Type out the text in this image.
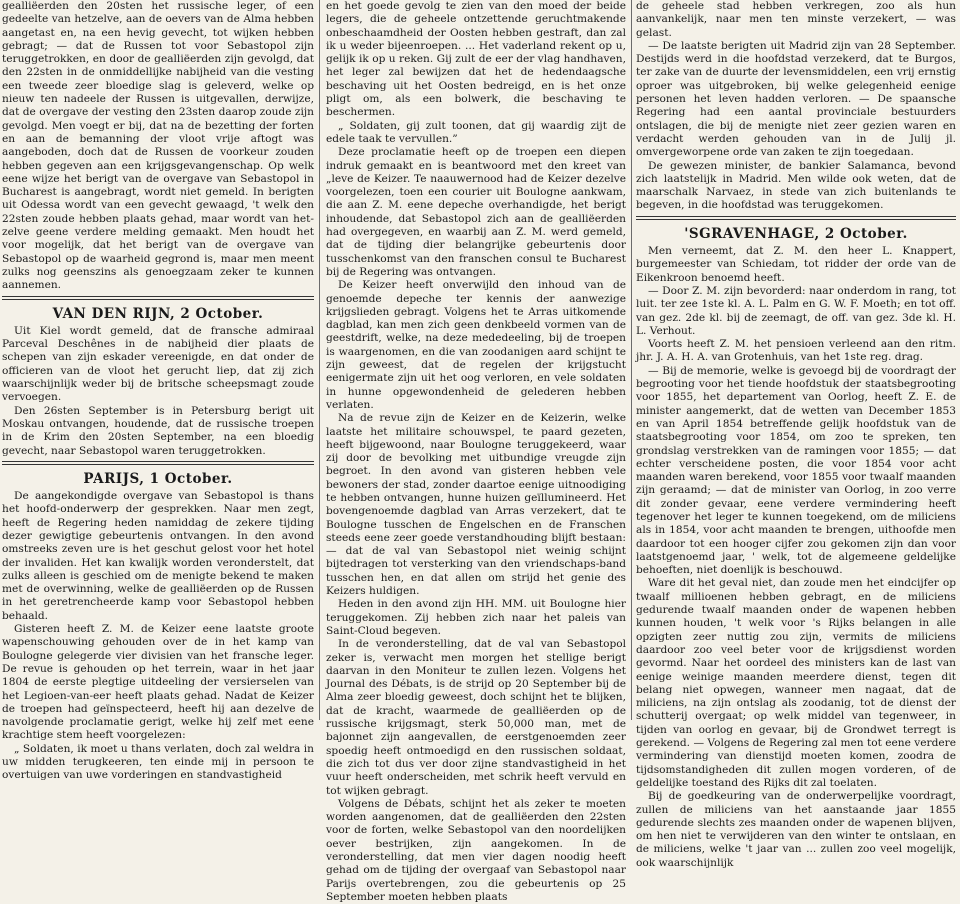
gealliëerden den 20sten het russische leger, of een gedeelte van hetzelve, aan de oevers van de Alma hebben aangetast en, na een hevig gevecht, tot wijken hebben gebragt; — dat de Russen tot voor Sebastopol zijn teruggetrokken, en door de gealliëerden zijn gevolgd, dat den 22sten in de onmiddellijke nabijheid van die vesting een tweede zeer bloedige slag is geleverd, welke op nieuw ten nadeele der Russen is uitgevallen, derwijze, dat de overgave der vesting den 23sten daarop zoude zijn gevolgd. Men voegt er bij, dat na de bezetting der forten en aan de bemanning der vloot vrije aftogt was aangeboden, doch dat de Russen de voorkeur zouden hebben gegeven aan een krijgsgevangenschap. Op welk eene wijze het berigt van de overgave van Sebastopol in Bucharest is aangebragt, wordt niet gemeld. In berigten uit Odessa wordt van een gevecht gewaagd, 't welk den 22sten zoude hebben plaats gehad, maar wordt van het-zelve geene verdere melding gemaakt. Men houdt het voor mogelijk, dat het berigt van de overgave van Sebastopol op de waarheid gegrond is, maar men meent zulks nog geenszins als genoegzaam zeker te kunnen aannemen.

VAN DEN RIJN, 2 October.

Uit Kiel wordt gemeld, dat de fransche admiraal Parceval Deschênes in de nabijheid dier plaats de schepen van zijn eskader vereenigde, en dat onder de officieren van de vloot het gerucht liep, dat zij zich waarschijnlijk weder bij de britsche scheepsmagt zoude vervoegen.

Den 26sten September is in Petersburg berigt uit Moskau ontvangen, houdende, dat de russische troepen in de Krim den 20sten September, na een bloedig gevecht, naar Sebastopol waren teruggetrokken.

PARIJS, 1 October.

De aangekondigde overgave van Sebastopol is thans het hoofd-onderwerp der gesprekken. Naar men zegt, heeft de Regering heden namiddag de zekere tijding dezer gewigtige gebeurtenis ontvangen. In den avond omstreeks zeven ure is het geschut gelost voor het hotel der invaliden. Het kan kwalijk worden veronderstelt, dat zulks alleen is geschied om de menigte bekend te maken met de overwinning, welke de gealliëerden op de Russen in het geretrencheerde kamp voor Sebastopol hebben behaald.

Gisteren heeft Z. M. de Keizer eene laatste groote wapenschouwing gehouden over de in het kamp van Boulogne gelegerde vier divisien van het fransche leger. De revue is gehouden op het terrein, waar in het jaar 1804 de eerste plegtige uitdeeling der versierselen van het Legioen-van-eer heeft plaats gehad. Nadat de Keizer de troepen had geïnspecteerd, heeft hij aan dezelve de navolgende proclamatie gerigt, welke hij zelf met eene krachtige stem heeft voorgelezen:

„ Soldaten, ik moet u thans verlaten, doch zal weldra in uw midden terugkeeren, ten einde mij in persoon te overtuigen van uwe vorderingen en standvastigheid

en het goede gevolg te zien van den moed der beide legers, die de geheele ontzettende geruchtmakende onbeschaamdheid der Oosten hebben gestraft, dan zal ik u weder bijeenroepen. ... Het vaderland rekent op u, gelijk ik op u reken. Gij zult de eer der vlag handhaven, het leger zal bewijzen dat het de hedendaagsche beschaving uit het Oosten bedreigd, en is het onze pligt om, als een bolwerk, die beschaving te beschermen.

„ Soldaten, gij zult toonen, dat gij waardig zijt de edele taak te vervullen.”

Deze proclamatie heeft op de troepen een diepen indruk gemaakt en is beantwoord met den kreet van „leve de Keizer. Te naauwernood had de Keizer dezelve voorgelezen, toen een courier uit Boulogne aankwam, die aan Z. M. eene depeche overhandigde, het berigt inhoudende, dat Sebastopol zich aan de gealliëerden had overgegeven, en waarbij aan Z. M. werd gemeld, dat de tijding dier belangrijke gebeurtenis door tusschenkomst van den franschen consul te Bucharest bij de Regering was ontvangen.

De Keizer heeft onverwijld den inhoud van de genoemde depeche ter kennis der aanwezige krijgslieden gebragt. Volgens het te Arras uitkomende dagblad, kan men zich geen denkbeeld vormen van de geestdrift, welke, na deze mededeeling, bij de troepen is waargenomen, en die van zoodanigen aard schijnt te zijn geweest, dat de regelen der krijgstucht eenigermate zijn uit het oog verloren, en vele soldaten in hunne opgewondenheid de gelederen hebben verlaten.

Na de revue zijn de Keizer en de Keizerin, welke laatste het militaire schouwspel, te paard gezeten, heeft bijgewoond, naar Boulogne teruggekeerd, waar zij door de bevolking met uitbundige vreugde zijn begroet. In den avond van gisteren hebben vele bewoners der stad, zonder daartoe eenige uitnoodiging te hebben ontvangen, hunne huizen geïllumineerd. Het bovengenoemde dagblad van Arras verzekert, dat te Boulogne tusschen de Engelschen en de Franschen steeds eene zeer goede verstandhouding blijft bestaan: — dat de val van Sebastopol niet weinig schijnt bijtedragen tot versterking van den vriendschaps-band tusschen hen, en dat allen om strijd het genie des Keizers huldigen.

Heden in den avond zijn HH. MM. uit Boulogne hier teruggekomen. Zij hebben zich naar het paleis van Saint-Cloud begeven.

In de veronderstelling, dat de val van Sebastopol zeker is, verwacht men morgen het stellige berigt daarvan in den Moniteur te zullen lezen. Volgens het Journal des Débats, is de strijd op 20 September bij de Alma zeer bloedig geweest, doch schijnt het te blijken, dat de kracht, waarmede de gealliëerden op de russische krijgsmagt, sterk 50,000 man, met de bajonnet zijn aangevallen, de eerstgenoemden zeer spoedig heeft ontmoedigd en den russischen soldaat, die zich tot dus ver door zijne standvastigheid in het vuur heeft onderscheiden, met schrik heeft vervuld en tot wijken gebragt.

Volgens de Débats, schijnt het als zeker te moeten worden aangenomen, dat de gealliëerden den 22sten voor de forten, welke Sebastopol van den noordelijken oever bestrijken, zijn aangekomen. In de veronderstelling, dat men vier dagen noodig heeft gehad om de tijding der overgaaf van Sebastopol naar Parijs overtebrengen, zou die gebeurtenis op 25 September moeten hebben plaats

de geheele stad hebben verkregen, zoo als hun aanvankelijk, naar men ten minste verzekert, — was gelast.

— De laatste berigten uit Madrid zijn van 28 September. Destijds werd in die hoofdstad verzekerd, dat te Burgos, ter zake van de duurte der levensmiddelen, een vrij ernstig oproer was uitgebroken, bij welke gelegenheid eenige personen het leven hadden verloren. — De spaansche Regering had een aantal provinciale bestuurders ontslagen, die bij de menigte niet zeer gezien waren en verdacht werden gehouden van in de Julij jl. omvergeworpene orde van zaken te zijn toegedaan.

De gewezen minister, de bankier Salamanca, bevond zich laatstelijk in Madrid. Men wilde ook weten, dat de maarschalk Narvaez, in stede van zich buitenlands te begeven, in die hoofdstad was teruggekomen.

'SGRAVENHAGE, 2 October.

Men verneemt, dat Z. M. den heer L. Knappert, burgemeester van Schiedam, tot ridder der orde van de Eikenkroon benoemd heeft.

— Door Z. M. zijn bevorderd: naar onderdom in rang, tot luit. ter zee 1ste kl. A. L. Palm en G. W. F. Moeth; en tot off. van gez. 2de kl. bij de zeemagt, de off. van gez. 3de kl. H. L. Verhout.

Voorts heeft Z. M. het pensioen verleend aan den ritm. jhr. J. A. H. A. van Grotenhuis, van het 1ste reg. drag.

— Bij de memorie, welke is gevoegd bij de voordragt der begrooting voor het tiende hoofdstuk der staatsbegrooting voor 1855, het departement van Oorlog, heeft Z. E. de minister aangemerkt, dat de wetten van December 1853 en van April 1854 betreffende gelijk hoofdstuk van de staatsbegrooting voor 1854, om zoo te spreken, ten grondslag verstrekken van de ramingen voor 1855; — dat echter verscheidene posten, die voor 1854 voor acht maanden waren berekend, voor 1855 voor twaalf maanden zijn geraamd; — dat de minister van Oorlog, in zoo verre dit zonder gevaar, eene verdere vermindering heeft tegenover het leger te kunnen toegekend, om de miliciens als in 1854, voor acht maanden te brengen, uithoofde men daardoor tot een hooger cijfer zou gekomen zijn dan voor laatstgenoemd jaar, ' welk, tot de algemeene geldelijke behoeften, niet doenlijk is beschouwd.

Ware dit het geval niet, dan zoude men het eindcijfer op twaalf millioenen hebben gebragt, en de miliciens gedurende twaalf maanden onder de wapenen hebben kunnen houden, 't welk voor 's Rijks belangen in alle opzigten zeer nuttig zou zijn, vermits de miliciens daardoor zoo veel beter voor de krijgsdienst worden gevormd. Naar het oordeel des ministers kan de last van eenige weinige maanden meerdere dienst, tegen dit belang niet opwegen, wanneer men nagaat, dat de miliciens, na zijn ontslag als zoodanig, tot de dienst der schutterij overgaat; op welk middel van tegenweer, in tijden van oorlog en gevaar, bij de Grondwet terregt is gerekend. — Volgens de Regering zal men tot eene verdere vermindering van dienstijd moeten komen, zoodra de tijdsomstandigheden dit zullen mogen vorderen, of de geldelijke toestand des Rijks dit zal toelaten.

Bij de goedkeuring van de onderwerpelijke voordragt, zullen de miliciens van het aanstaande jaar 1855 gedurende slechts zes maanden onder de wapenen blijven, om hen niet te verwijderen van den winter te ontslaan, en de miliciens, welke 't jaar van ... zullen zoo veel mogelijk, ook waarschijnlijk
